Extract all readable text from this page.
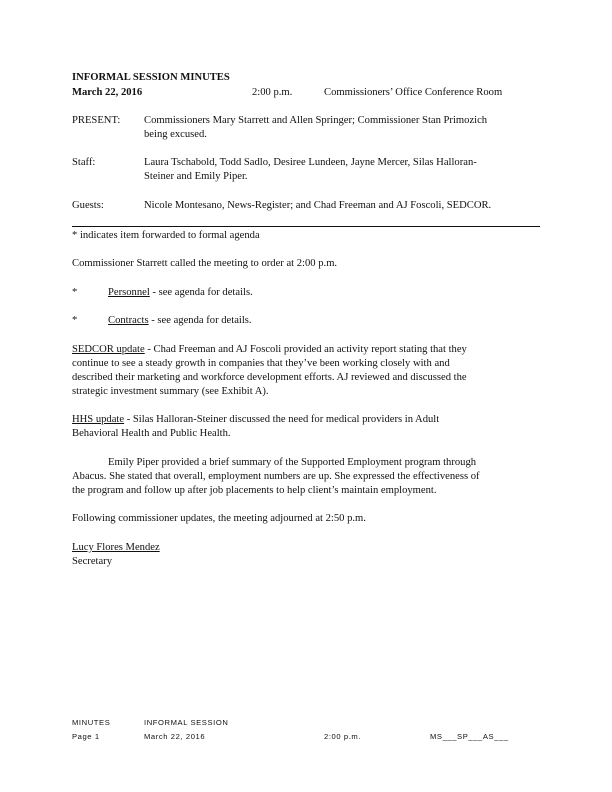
INFORMAL SESSION MINUTES
March 22, 2016	2:00 p.m.	Commissioners’ Office Conference Room
PRESENT: Commissioners Mary Starrett and Allen Springer; Commissioner Stan Primozich
being excused.
Staff:	Laura Tschabold, Todd Sadlo, Desiree Lundeen, Jayne Mercer, Silas Halloran-
Steiner and Emily Piper.
Guests:	Nicole Montesano, News-Register; and Chad Freeman and AJ Foscoli, SEDCOR.
* indicates item forwarded to formal agenda
Commissioner Starrett called the meeting to order at 2:00 p.m.
*	Personnel - see agenda for details.
*	Contracts - see agenda for details.
SEDCOR update - Chad Freeman and AJ Foscoli provided an activity report stating that they
continue to see a steady growth in companies that they’ve been working closely with and
described their marketing and workforce development efforts. AJ reviewed and discussed the
strategic investment summary (see Exhibit A).
HHS update - Silas Halloran-Steiner discussed the need for medical providers in Adult
Behavioral Health and Public Health.
Emily Piper provided a brief summary of the Supported Employment program through
Abacus. She stated that overall, employment numbers are up. She expressed the effectiveness of
the program and follow up after job placements to help client’s maintain employment.
Following commissioner updates, the meeting adjourned at 2:50 p.m.
Lucy Flores Mendez
Secretary
MINUTES	INFORMAL SESSION
Page 1	March 22, 2016	2:00 p.m.	MS___SP___AS___
